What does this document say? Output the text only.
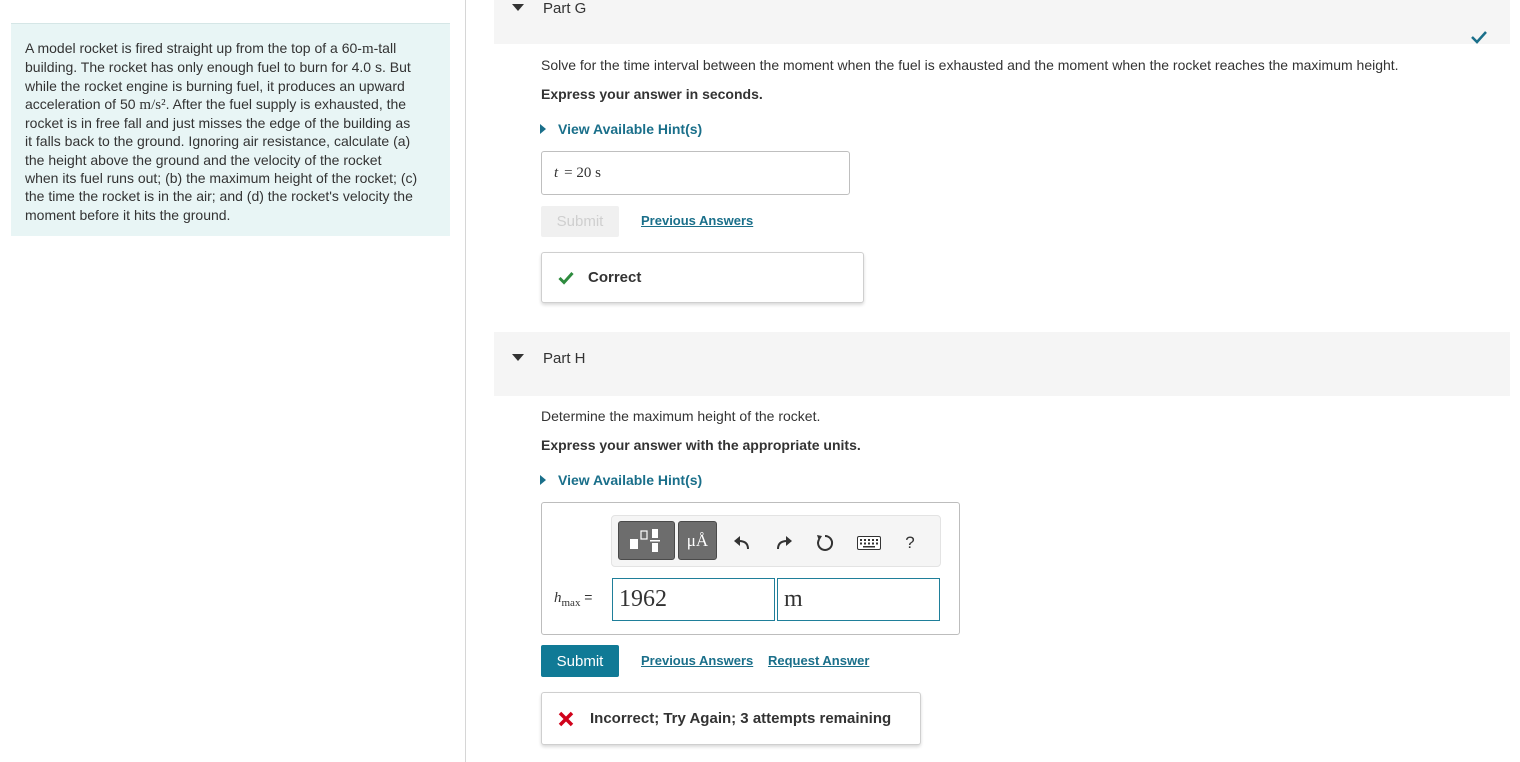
A model rocket is fired straight up from the top of a 60-m-tall
building. The rocket has only enough fuel to burn for 4.0 s. But
while the rocket engine is burning fuel, it produces an upward
acceleration of 50 m/s². After the fuel supply is exhausted, the
rocket is in free fall and just misses the edge of the building as
it falls back to the ground. Ignoring air resistance, calculate (a)
the height above the ground and the velocity of the rocket
when its fuel runs out; (b) the maximum height of the rocket; (c)
the time the rocket is in the air; and (d) the rocket's velocity the
moment before it hits the ground.
Part G
Solve for the time interval between the moment when the fuel is exhausted and the moment when the rocket reaches the maximum height.
Express your answer in seconds.
View Available Hint(s)
t = 20 s
Submit	Previous Answers
Correct
Part H
Determine the maximum height of the rocket.
Express your answer with the appropriate units.
View Available Hint(s)
μÅ	?
$h_{max} = 1962$	m
Submit	Previous Answers Request Answer
Incorrect; Try Again; 3 attempts remaining
